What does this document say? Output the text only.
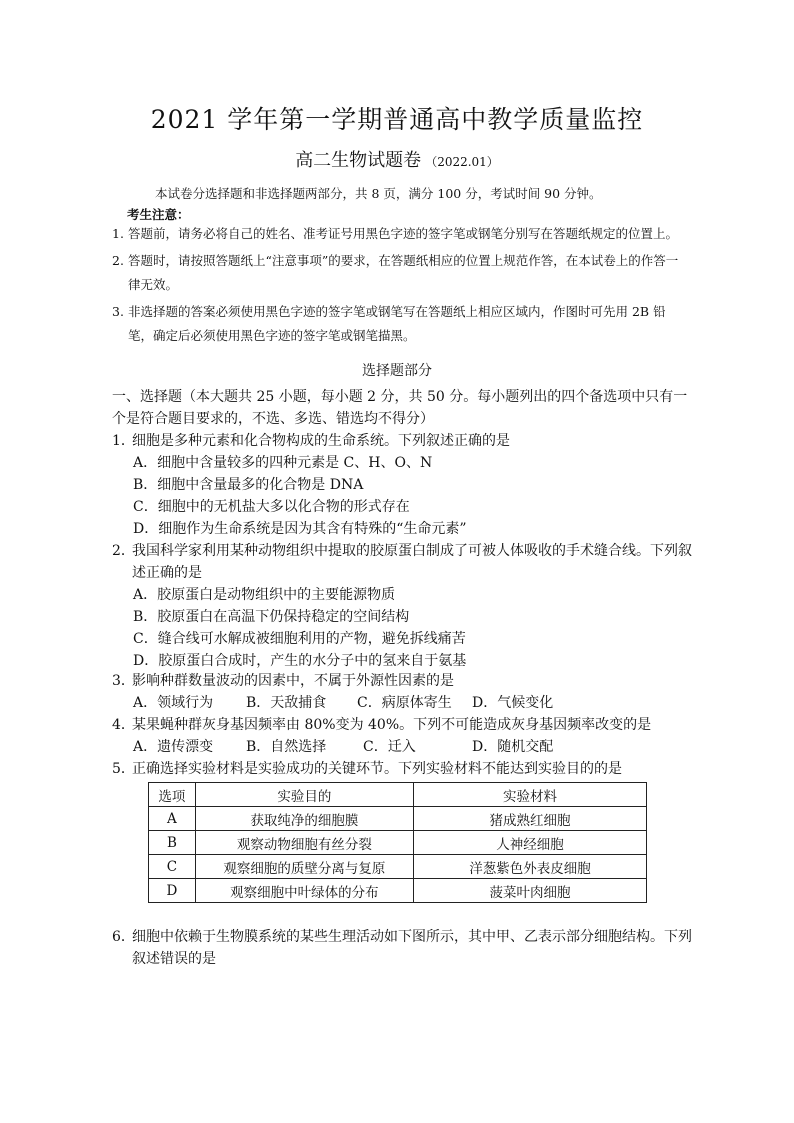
2021 学年第一学期普通高中教学质量监控
高二生物试题卷 （2022.01）
本试卷分选择题和非选择题两部分，共 8 页，满分 100 分，考试时间 90 分钟。
考生注意：
1. 答题前，请务必将自己的姓名、准考证号用黑色字迹的签字笔或钢笔分别写在答题纸规定的位置上。
2. 答题时，请按照答题纸上“注意事项”的要求，在答题纸相应的位置上规范作答，在本试卷上的作答一律无效。
3. 非选择题的答案必须使用黑色字迹的签字笔或钢笔写在答题纸上相应区域内，作图时可先用 2B 铅笔，确定后必须使用黑色字迹的签字笔或钢笔描黑。
选择题部分
一、选择题（本大题共 25 小题，每小题 2 分，共 50 分。每小题列出的四个备选项中只有一个是符合题目要求的，不选、多选、错选均不得分）
1．
细胞是多种元素和化合物构成的生命系统。下列叙述正确的是
A．细胞中含量较多的四种元素是 C、H、O、N
B．细胞中含量最多的化合物是 DNA
C．细胞中的无机盐大多以化合物的形式存在
D．细胞作为生命系统是因为其含有特殊的“生命元素”
2．
我国科学家利用某种动物组织中提取的胶原蛋白制成了可被人体吸收的手术缝合线。下列叙述正确的是
A．胶原蛋白是动物组织中的主要能源物质
B．胶原蛋白在高温下仍保持稳定的空间结构
C．缝合线可水解成被细胞利用的产物，避免拆线痛苦
D．胶原蛋白合成时，产生的水分子中的氢来自于氨基
3．
影响种群数量波动的因素中，不属于外源性因素的是
A．领域行为	B．天敌捕食	C．病原体寄生	D．气候变化
4．
某果蝇种群灰身基因频率由 80%变为 40%。下列不可能造成灰身基因频率改变的是
A．遗传漂变	B．自然选择	C．迁入	D．随机交配
5．
正确选择实验材料是实验成功的关键环节。下列实验材料不能达到实验目的的是
选项	实验目的	实验材料
A	获取纯净的细胞膜	猪成熟红细胞
B	观察动物细胞有丝分裂	人神经细胞
C	观察细胞的质壁分离与复原	洋葱紫色外表皮细胞
D	观察细胞中叶绿体的分布	菠菜叶肉细胞
6．
细胞中依赖于生物膜系统的某些生理活动如下图所示，其中甲、乙表示部分细胞结构。下列叙述错误的是
